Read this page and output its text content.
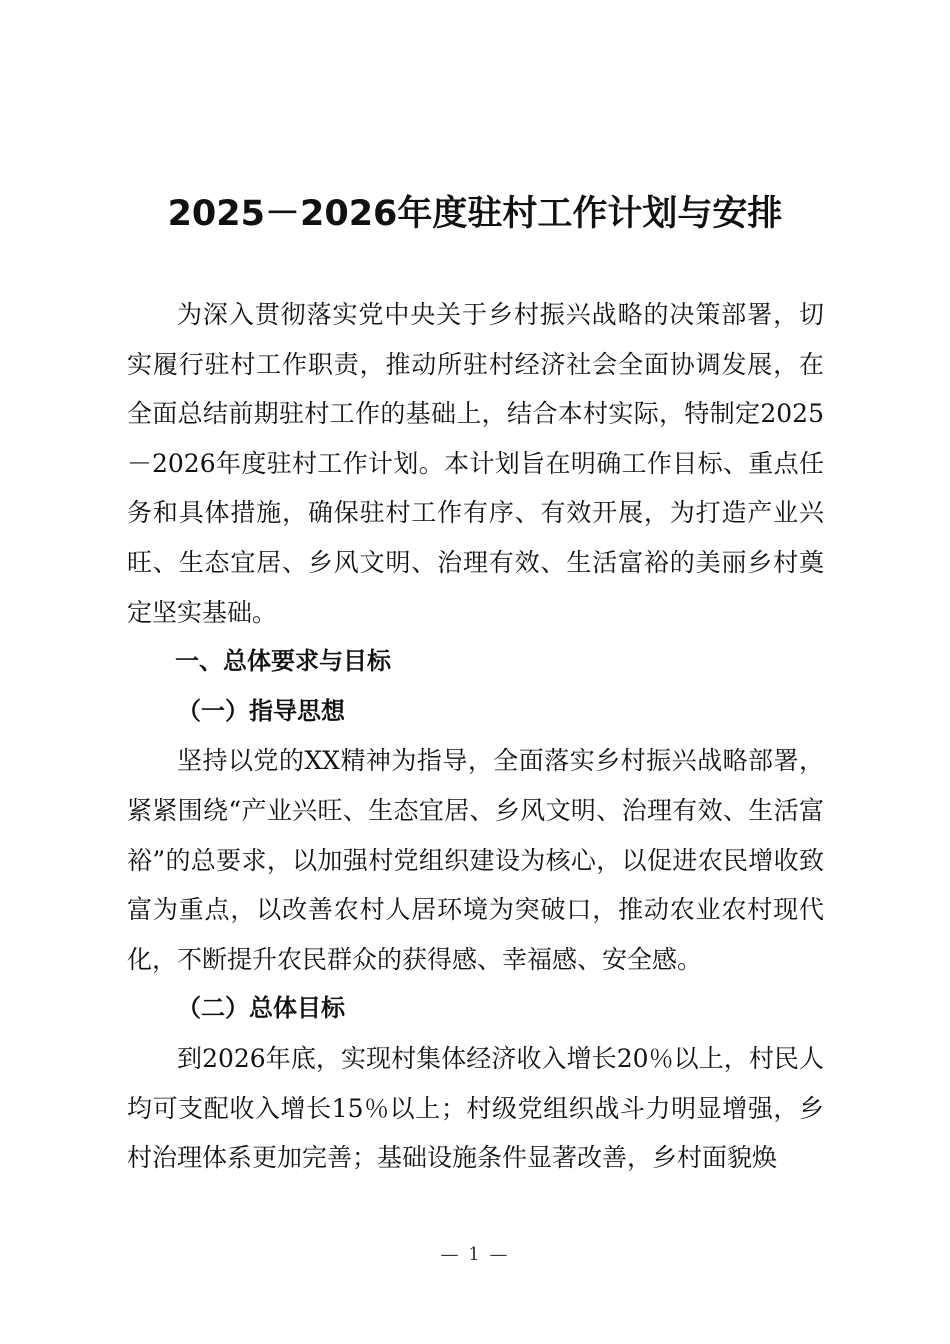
2025－2026年度驻村工作计划与安排

为深入贯彻落实党中央关于乡村振兴战略的决策部署，切实履行驻村工作职责，推动所驻村经济社会全面协调发展，在全面总结前期驻村工作的基础上，结合本村实际，特制定2025－2026年度驻村工作计划。本计划旨在明确工作目标、重点任务和具体措施，确保驻村工作有序、有效开展，为打造产业兴旺、生态宜居、乡风文明、治理有效、生活富裕的美丽乡村奠定坚实基础。

一、总体要求与目标
（一）指导思想

坚持以党的XX精神为指导，全面落实乡村振兴战略部署，紧紧围绕“产业兴旺、生态宜居、乡风文明、治理有效、生活富裕”的总要求，以加强村党组织建设为核心，以促进农民增收致富为重点，以改善农村人居环境为突破口，推动农业农村现代化，不断提升农民群众的获得感、幸福感、安全感。

（二）总体目标

到2026年底，实现村集体经济收入增长20％以上，村民人均可支配收入增长15％以上；村级党组织战斗力明显增强，乡村治理体系更加完善；基础设施条件显著改善，乡村面貌焕

— 1 —
